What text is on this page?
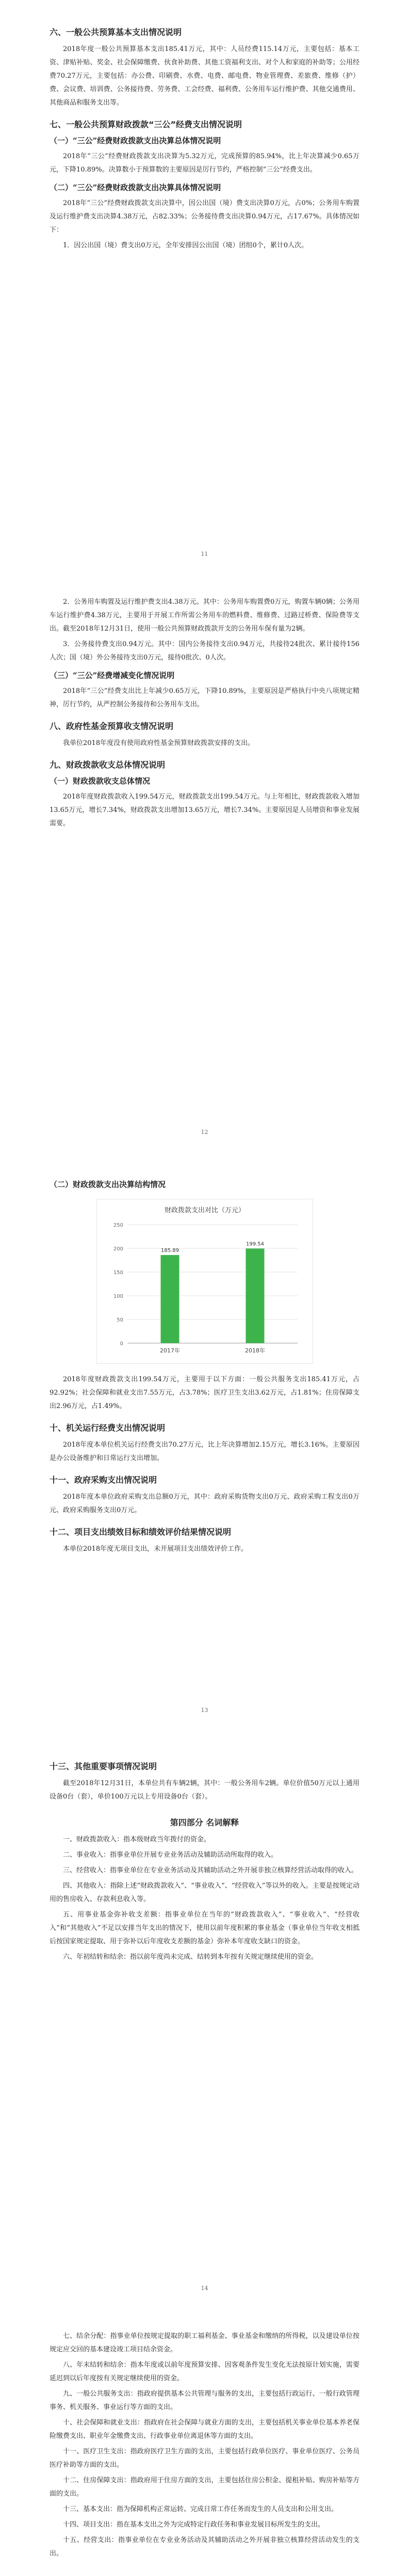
六、一般公共预算基本支出情况说明

2018年度一般公共预算基本支出185.41万元，其中：人员经费115.14万元，主要包括：基本工资、津贴补贴、奖金、社会保障缴费、伙食补助费、其他工资福利支出、对个人和家庭的补助等；公用经费70.27万元，主要包括：办公费、印刷费、水费、电费、邮电费、物业管理费、差旅费、维修（护）费、会议费、培训费、公务接待费、劳务费、工会经费、福利费、公务用车运行维护费、其他交通费用、其他商品和服务支出等。

七、一般公共预算财政拨款“三公”经费支出情况说明
（一）“三公”经费财政拨款支出决算总体情况说明

2018年“三公”经费财政拨款支出决算为5.32万元，完成预算的85.94%，比上年决算减少0.65万元，下降10.89%。决算数小于预算数的主要原因是厉行节约，严格控制“三公”经费支出。

（二）“三公”经费财政拨款支出决算具体情况说明

2018年“三公”经费财政拨款支出决算中，因公出国（境）费支出决算0万元，占0%；公务用车购置及运行维护费支出决算4.38万元，占82.33%；公务接待费支出决算0.94万元，占17.67%。具体情况如下：

1．因公出国（境）费支出0万元，全年安排因公出国（境）团组0个，累计0人次。

11

2．公务用车购置及运行维护费支出4.38万元。其中：公务用车购置费0万元，购置车辆0辆；公务用车运行维护费4.38万元，主要用于开展工作所需公务用车的燃料费、维修费、过路过桥费、保险费等支出。截至2018年12月31日，使用一般公共预算财政拨款开支的公务用车保有量为2辆。

3．公务接待费支出0.94万元。其中：国内公务接待支出0.94万元，共接待24批次、累计接待156人次；国（境）外公务接待支出0万元，接待0批次、0人次。

（三）“三公”经费增减变化情况说明

2018年“三公”经费支出比上年减少0.65万元，下降10.89%，主要原因是严格执行中央八项规定精神，厉行节约，从严控制公务接待和公务用车支出。

八、政府性基金预算收支情况说明

我单位2018年度没有使用政府性基金预算财政拨款安排的支出。

九、财政拨款收支总体情况说明
（一）财政拨款收支总体情况

2018年度财政拨款收入199.54万元，财政拨款支出199.54万元。与上年相比，财政拨款收入增加13.65万元，增长7.34%，财政拨款支出增加13.65万元，增长7.34%。主要原因是人员增资和事业发展需要。

12
（二）财政拨款支出决算结构情况
财政拨款支出对比（万元）
0
50
100
150
200
250
185.89
2017年
199.54
2018年

2018年度财政拨款支出199.54万元，主要用于以下方面：一般公共服务支出185.41万元，占92.92%；社会保障和就业支出7.55万元，占3.78%；医疗卫生支出3.62万元，占1.81%；住房保障支出2.96万元，占1.49%。

十、机关运行经费支出情况说明

2018年度本单位机关运行经费支出70.27万元，比上年决算增加2.15万元，增长3.16%。主要原因是办公设备维护和日常运行支出增加。

十一、政府采购支出情况说明

2018年度本单位政府采购支出总额0万元，其中：政府采购货物支出0万元、政府采购工程支出0万元、政府采购服务支出0万元。

十二、项目支出绩效目标和绩效评价结果情况说明

本单位2018年度无项目支出，未开展项目支出绩效评价工作。

13
十三、其他重要事项情况说明

截至2018年12月31日，本单位共有车辆2辆，其中：一般公务用车2辆。单位价值50万元以上通用设备0台（套），单价100万元以上专用设备0台（套）。

第四部分 名词解释

一、财政拨款收入：指本级财政当年拨付的资金。

二、事业收入：指事业单位开展专业业务活动及辅助活动所取得的收入。

三、经营收入：指事业单位在专业业务活动及其辅助活动之外开展非独立核算经营活动取得的收入。

四、其他收入：指除上述“财政拨款收入”、“事业收入”、“经营收入”等以外的收入。主要是按规定动用的售房收入、存款利息收入等。

五、用事业基金弥补收支差额：指事业单位在当年的“财政拨款收入”、“事业收入”、“经营收入”和“其他收入”不足以安排当年支出的情况下，使用以前年度积累的事业基金（事业单位当年收支相抵后按国家规定提取、用于弥补以后年度收支差额的基金）弥补本年度收支缺口的资金。

六、年初结转和结余：指以前年度尚未完成、结转到本年按有关规定继续使用的资金。

14

七、结余分配：指事业单位按规定提取的职工福利基金、事业基金和缴纳的所得税，以及建设单位按规定应交回的基本建设竣工项目结余资金。

八、年末结转和结余：指本年度或以前年度预算安排、因客观条件发生变化无法按原计划实施，需要延迟到以后年度按有关规定继续使用的资金。

九、一般公共服务支出：指政府提供基本公共管理与服务的支出，主要包括行政运行、一般行政管理事务、机关服务、事业运行等方面的支出。

十、社会保障和就业支出：指政府在社会保障与就业方面的支出，主要包括机关事业单位基本养老保险缴费支出、职业年金缴费支出、行政事业单位离退休等方面的支出。

十一、医疗卫生支出：指政府医疗卫生方面的支出，主要包括行政单位医疗、事业单位医疗、公务员医疗补助等方面的支出。

十二、住房保障支出：指政府用于住房方面的支出，主要包括住房公积金、提租补贴、购房补贴等方面的支出。

十三、基本支出：指为保障机构正常运转、完成日常工作任务而发生的人员支出和公用支出。

十四、项目支出：指在基本支出之外为完成特定行政任务和事业发展目标所发生的支出。

十五、经营支出：指事业单位在专业业务活动及其辅助活动之外开展非独立核算经营活动发生的支出。
